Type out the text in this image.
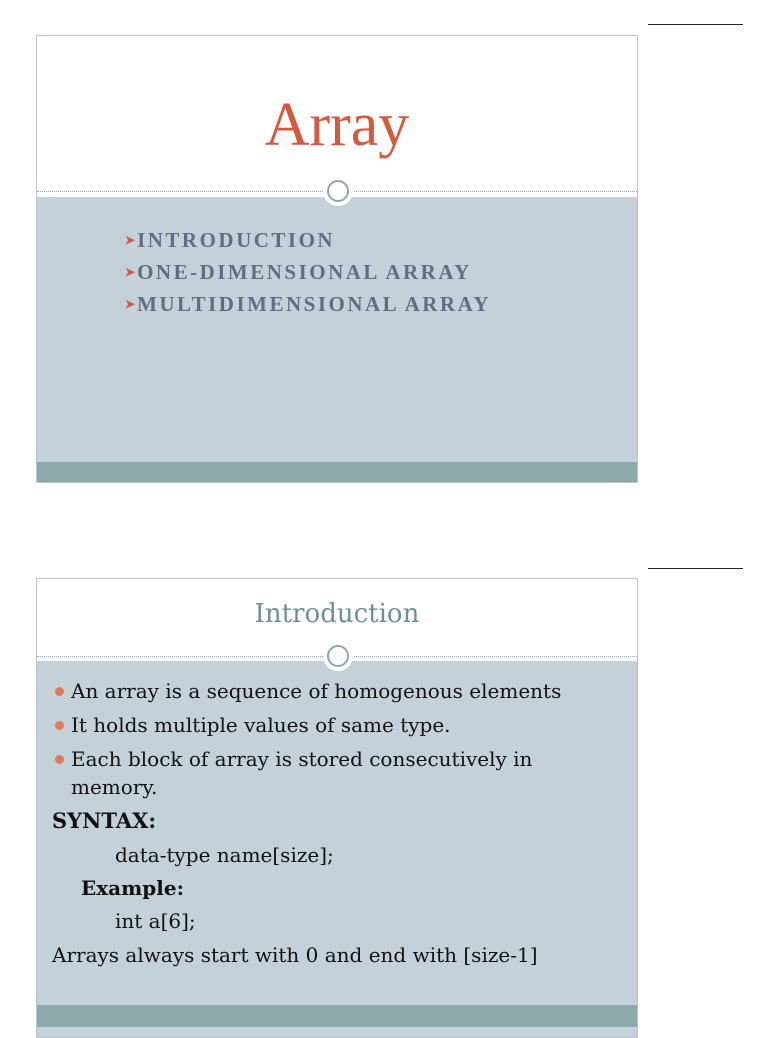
Array
➤INTRODUCTION
➤ONE-DIMENSIONAL ARRAY
➤MULTIDIMENSIONAL ARRAY
Introduction
An array is a sequence of homogenous elements
It holds multiple values of same type.
Each block of array is stored consecutively in memory.
SYNTAX:
data-type name[size];
Example:
int a[6];
Arrays always start with 0 and end with [size-1]
